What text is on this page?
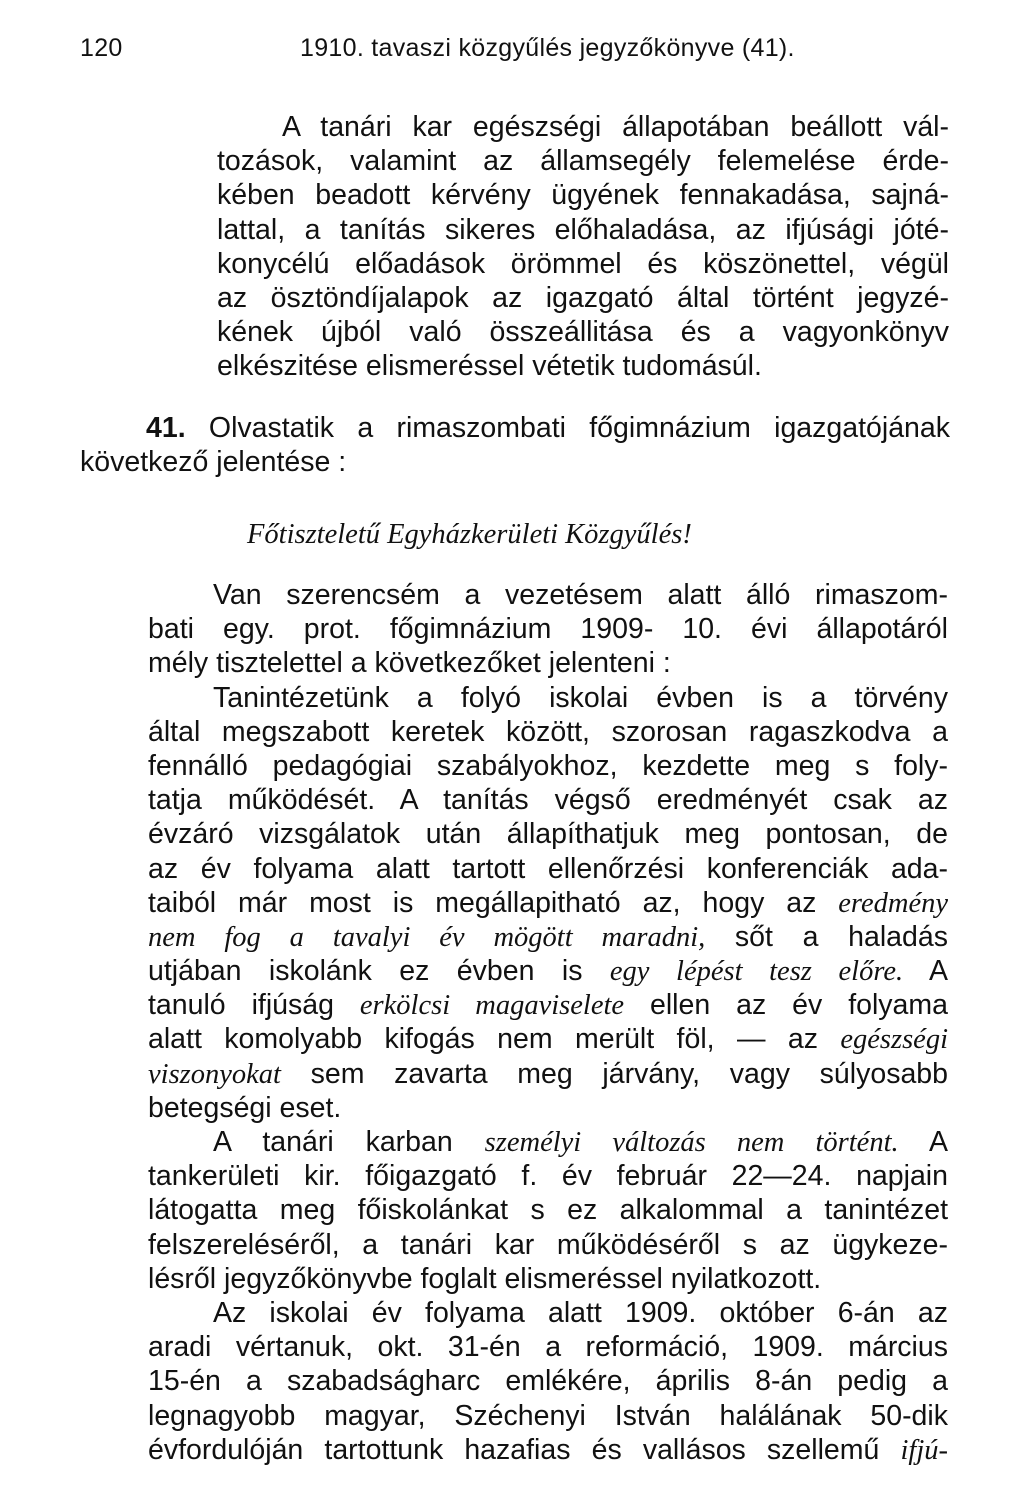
120	1910. tavaszi közgyűlés jegyzőkönyve (41).
A tanári kar egészségi állapotában beállott vál-
tozások, valamint az államsegély felemelése érde-
kében beadott kérvény ügyének fennakadása, sajná-
lattal, a tanítás sikeres előhaladása, az ifjúsági jóté-
konycélú előadások örömmel és köszönettel, végül
az ösztöndíjalapok az igazgató által történt jegyzé-
kének újból való összeállitása és a vagyonkönyv
elkészitése elismeréssel vétetik tudomásúl.
41. Olvastatik a rimaszombati főgimnázium igazgatójának
következő jelentése :
Főtiszteletű Egyházkerületi Közgyűlés!
Van szerencsém a vezetésem alatt álló rimaszom-
bati egy. prot. főgimnázium 1909- 10. évi állapotáról
mély tisztelettel a következőket jelenteni :
Tanintézetünk a folyó iskolai évben is a törvény
által megszabott keretek között, szorosan ragaszkodva a
fennálló pedagógiai szabályokhoz, kezdette meg s foly-
tatja működését. A tanítás végső eredményét csak az
évzáró vizsgálatok után állapíthatjuk meg pontosan, de
az év folyama alatt tartott ellenőrzési konferenciák ada-
taiból már most is megállapitható az, hogy az eredmény
nem fog a tavalyi év mögött maradni, sőt a haladás
utjában iskolánk ez évben is egy lépést tesz előre. A
tanuló ifjúság erkölcsi magaviselete ellen az év folyama
alatt komolyabb kifogás nem merült föl, — az egészségi
viszonyokat sem zavarta meg járvány, vagy súlyosabb
betegségi eset.
A tanári karban személyi változás nem történt. A
tankerületi kir. főigazgató f. év február 22—24. napjain
látogatta meg főiskolánkat s ez alkalommal a tanintézet
felszereléséről, a tanári kar működéséről s az ügykeze-
lésről jegyzőkönyvbe foglalt elismeréssel nyilatkozott.
Az iskolai év folyama alatt 1909. október 6-án az
aradi vértanuk, okt. 31-én a reformáció, 1909. március
15-én a szabadságharc emlékére, április 8-án pedig a
legnagyobb magyar, Széchenyi István halálának 50-dik
évfordulóján tartottunk hazafias és vallásos szellemű ifjú-
